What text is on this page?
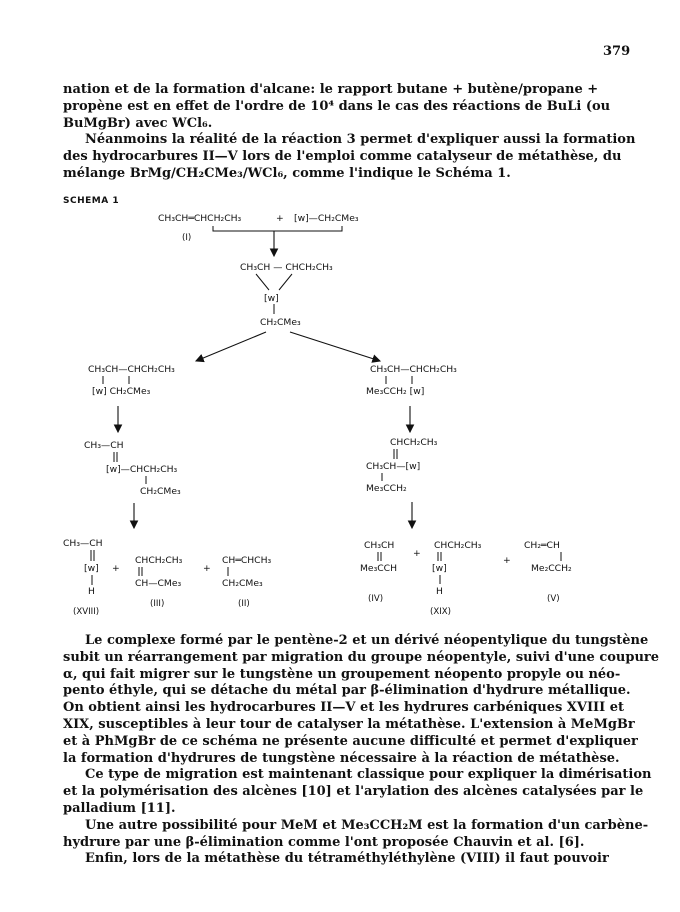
379
nation et de la formation d'alcane: le rapport butane + butène/propane +
propène est en effet de l'ordre de 10⁴ dans le cas des réactions de BuLi (ou
BuMgBr) avec WCl₆.
Néanmoins la réalité de la réaction 3 permet d'expliquer aussi la formation
des hydrocarbures II—V lors de l'emploi comme catalyseur de métathèse, du
mélange BrMg/CH₂CMe₃/WCl₆, comme l'indique le Schéma 1.
SCHEMA 1
CH₃CH═CHCH₂CH₃	+ [w]—CH₂CMe₃
(I)
CH₃CH — CHCH₂CH₃
[w]
CH₂CMe₃
CH₃CH—CHCH₂CH₃
[w] CH₂CMe₃
CH₃CH—CHCH₂CH₃
Me₃CCH₂ [w]
CH₃—CH
[w]—CHCH₂CH₃
CH₂CMe₃
CHCH₂CH₃
CH₃CH—[w]
Me₃CCH₂
CH₃—CH
[w]
H
(XVIII)
+
CHCH₂CH₃
CH—CMe₃
(III)
+
CH═CHCH₃
CH₂CMe₃
(II)
CH₃CH
Me₃CCH
(IV)
+
CHCH₂CH₃
[w]
H
(XIX)
+
CH₂═CH
Me₂CCH₂
(V)
Le complexe formé par le pentène-2 et un dérivé néopentylique du tungstène
subit un réarrangement par migration du groupe néopentyle, suivi d'une coupure
α, qui fait migrer sur le tungstène un groupement néopento propyle ou néo-
pento éthyle, qui se détache du métal par β-élimination d'hydrure métallique.
On obtient ainsi les hydrocarbures II—V et les hydrures carbéniques XVIII et
XIX, susceptibles à leur tour de catalyser la métathèse. L'extension à MeMgBr
et à PhMgBr de ce schéma ne présente aucune difficulté et permet d'expliquer
la formation d'hydrures de tungstène nécessaire à la réaction de métathèse.
Ce type de migration est maintenant classique pour expliquer la dimérisation
et la polymérisation des alcènes [10] et l'arylation des alcènes catalysées par le
palladium [11].
Une autre possibilité pour MeM et Me₃CCH₂M est la formation d'un carbène-
hydrure par une β-élimination comme l'ont proposée Chauvin et al. [6].
Enfin, lors de la métathèse du tétraméthyléthylène (VIII) il faut pouvoir
